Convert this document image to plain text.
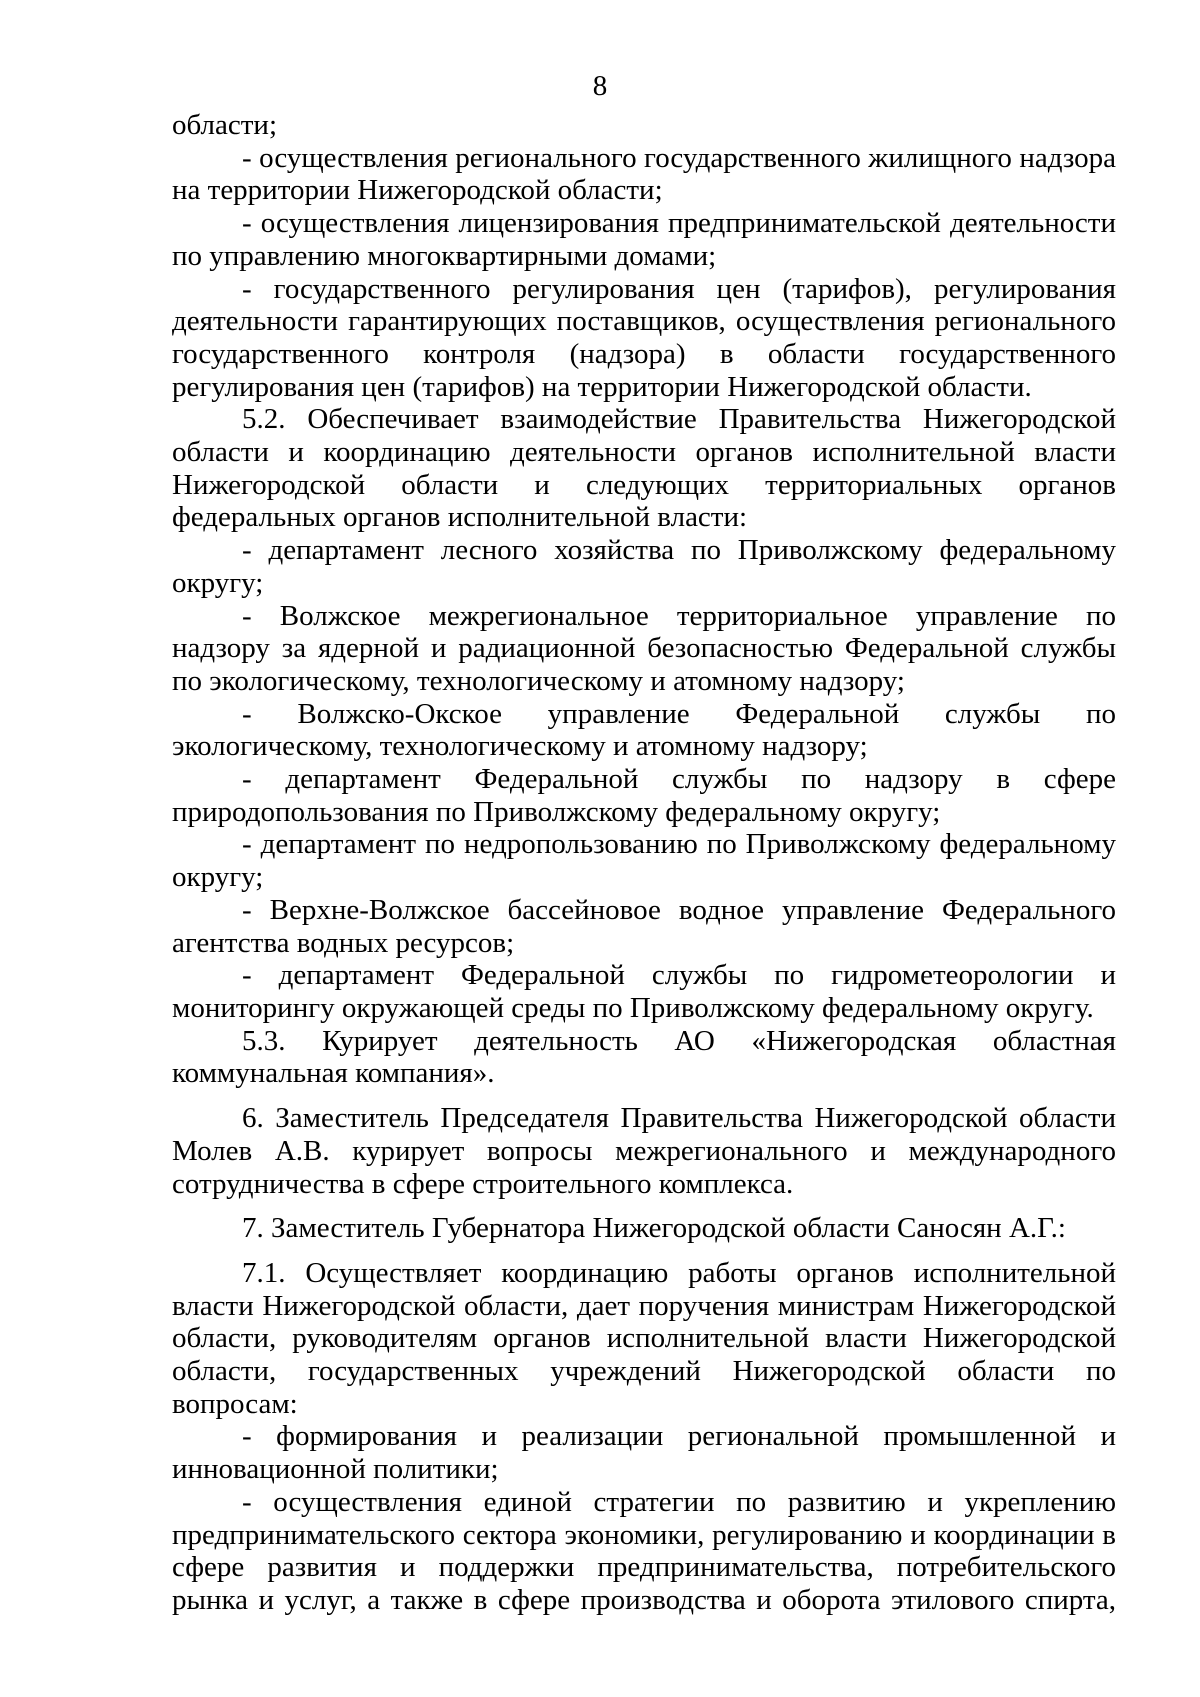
8

области;

- осуществления регионального государственного жилищного надзора на территории Нижегородской области;

- осуществления лицензирования предпринимательской деятельности по управлению многоквартирными домами;

- государственного регулирования цен (тарифов), регулирования деятельности гарантирующих поставщиков, осуществления регионального государственного контроля (надзора) в области государственного регулирования цен (тарифов) на территории Нижегородской области.

5.2. Обеспечивает взаимодействие Правительства Нижегородской области и координацию деятельности органов исполнительной власти Нижегородской области и следующих территориальных органов федеральных органов исполнительной власти:

- департамент лесного хозяйства по Приволжскому федеральному округу;

- Волжское межрегиональное территориальное управление по надзору за ядерной и радиационной безопасностью Федеральной службы по экологическому, технологическому и атомному надзору;

- Волжско-Окское управление Федеральной службы по экологическому, технологическому и атомному надзору;

- департамент Федеральной службы по надзору в сфере природопользования по Приволжскому федеральному округу;

- департамент по недропользованию по Приволжскому федеральному округу;

- Верхне-Волжское бассейновое водное управление Федерального агентства водных ресурсов;

- департамент Федеральной службы по гидрометеорологии и мониторингу окружающей среды по Приволжскому федеральному округу.

5.3. Курирует деятельность АО «Нижегородская областная коммунальная компания».

6. Заместитель Председателя Правительства Нижегородской области Молев А.В. курирует вопросы межрегионального и международного сотрудничества в сфере строительного комплекса.

7. Заместитель Губернатора Нижегородской области Саносян А.Г.:

7.1. Осуществляет координацию работы органов исполнительной власти Нижегородской области, дает поручения министрам Нижегородской области, руководителям органов исполнительной власти Нижегородской области, государственных учреждений Нижегородской области по вопросам:

- формирования и реализации региональной промышленной и инновационной политики;

- осуществления единой стратегии по развитию и укреплению предпринимательского сектора экономики, регулированию и координации в сфере развития и поддержки предпринимательства, потребительского рынка и услуг, а также в сфере производства и оборота этилового спирта,
